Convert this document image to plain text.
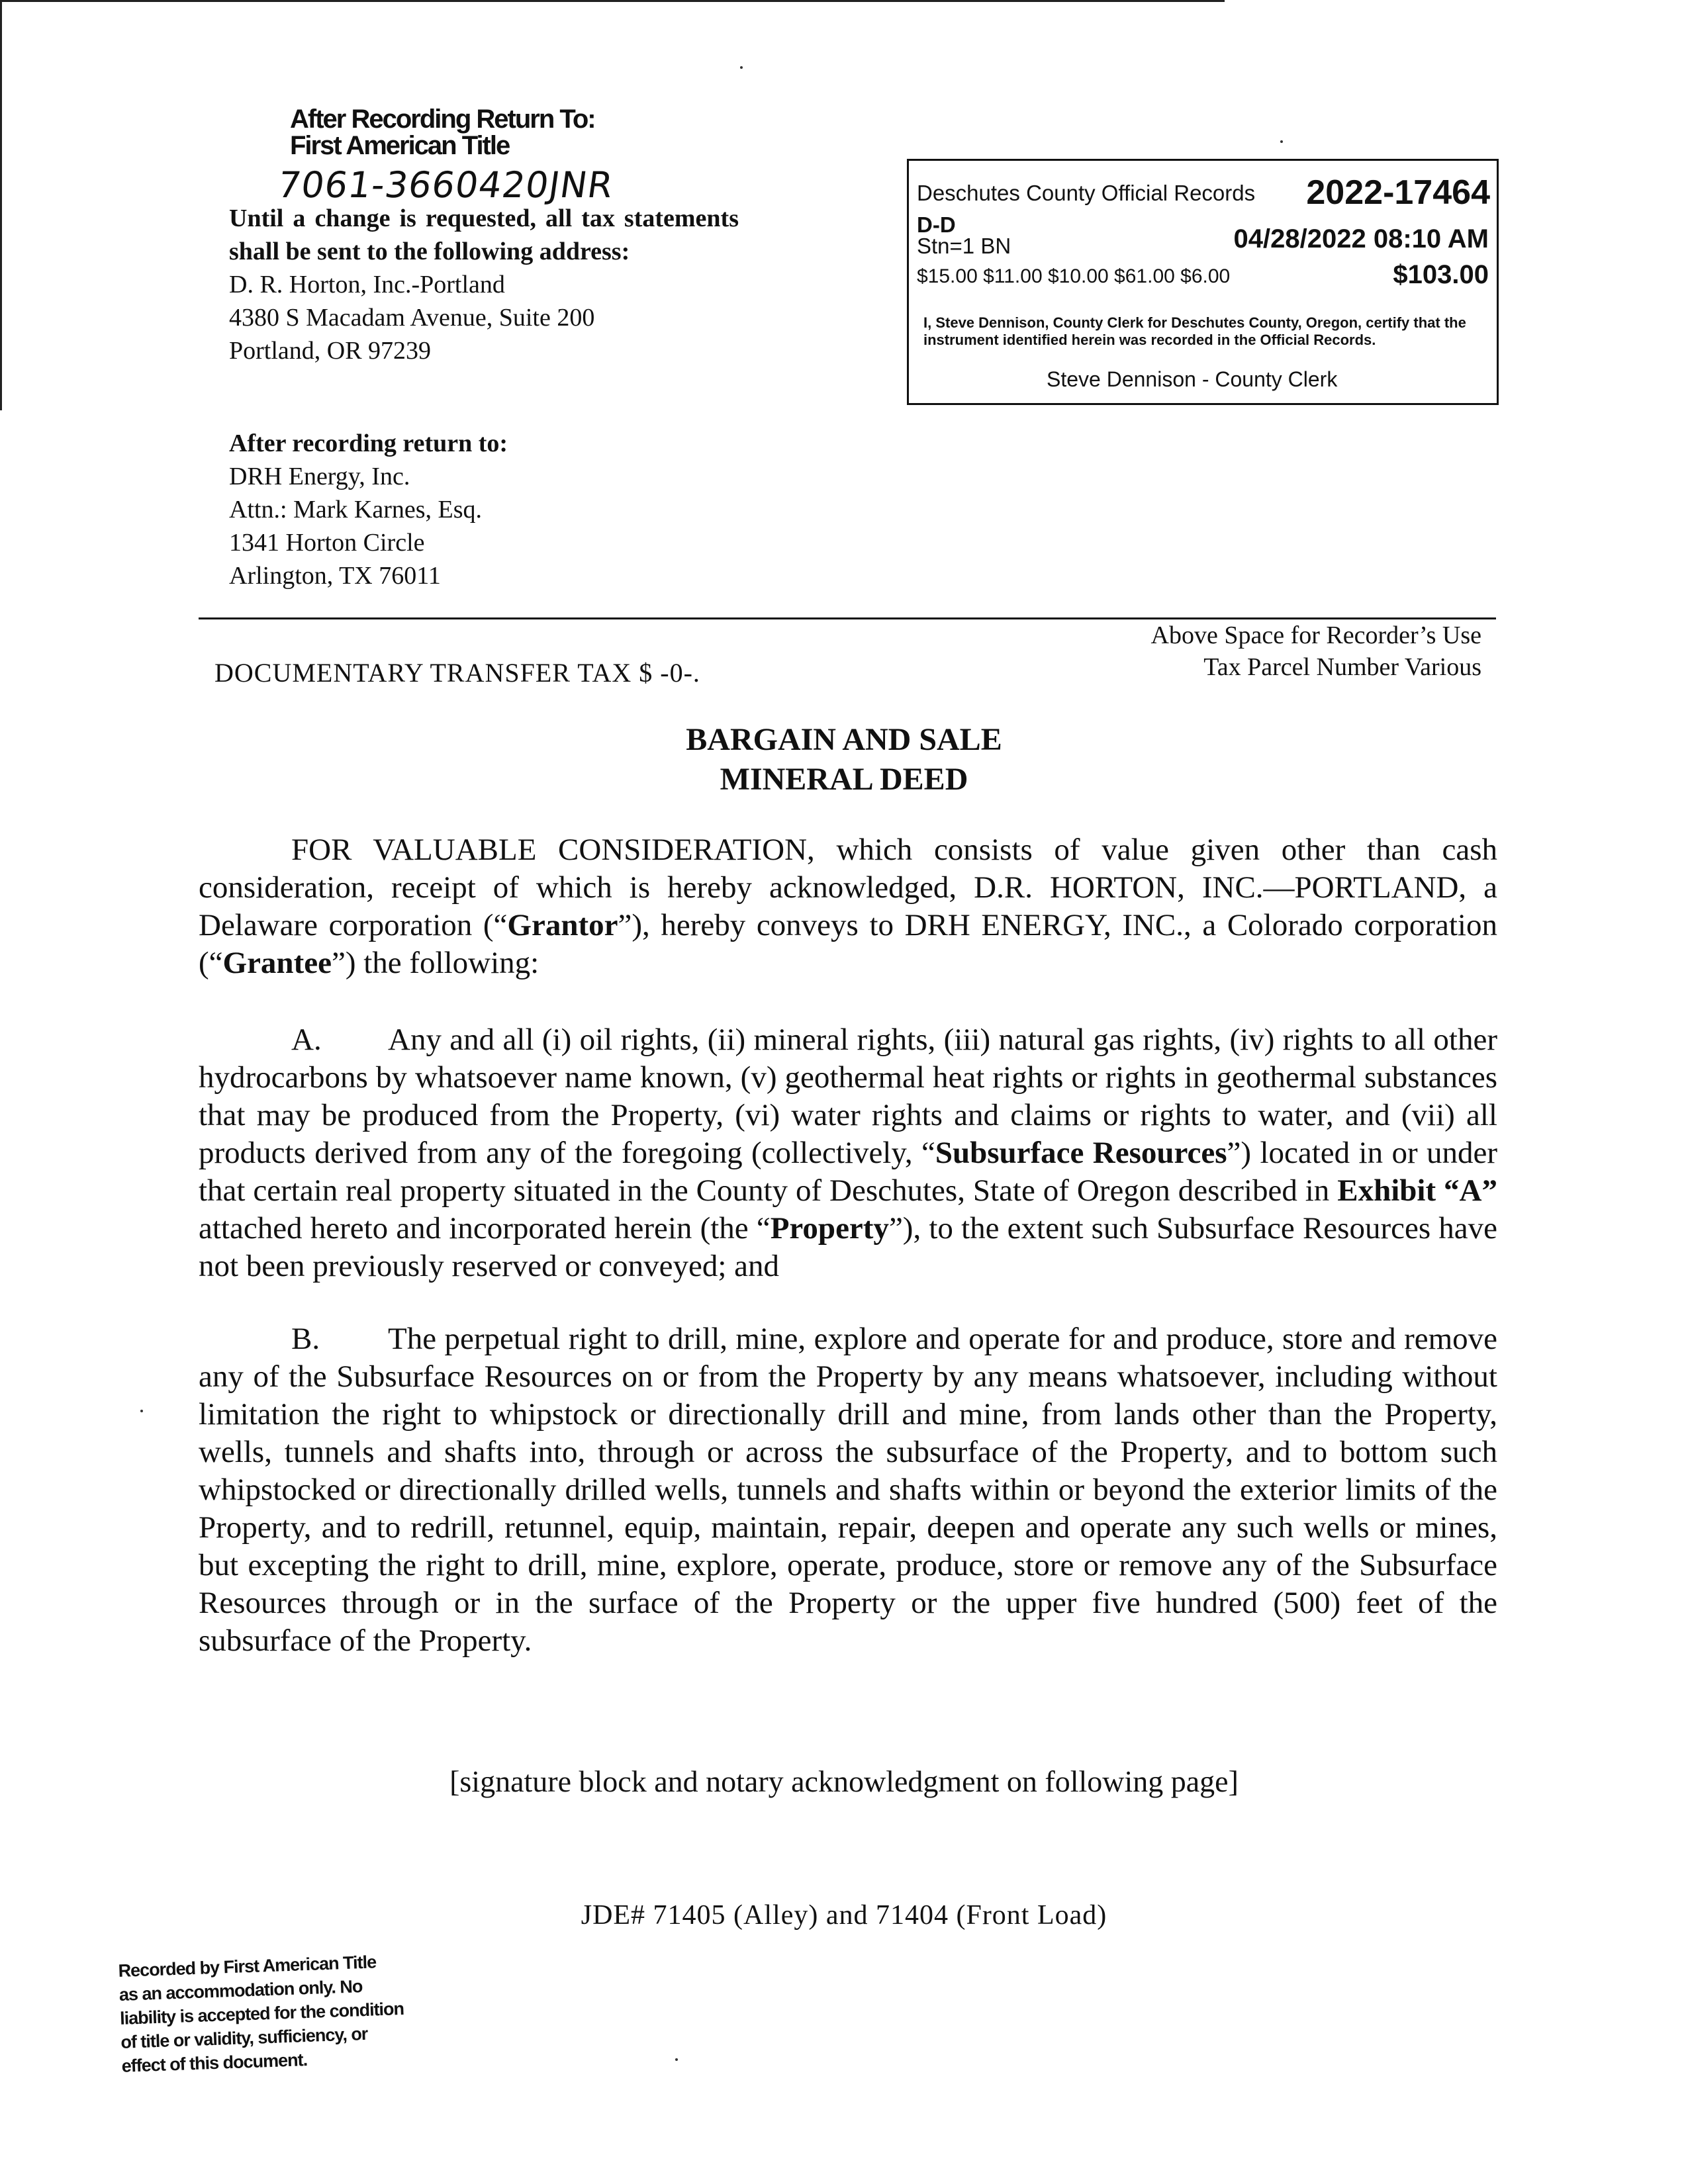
After Recording Return To:
First American Title
7061-3660420JNR
Until a change is requested, all tax statements shall be sent to the following address:
D. R. Horton, Inc.-Portland
4380 S Macadam Avenue, Suite 200
Portland, OR 97239
After recording return to:
DRH Energy, Inc.
Attn.: Mark Karnes, Esq.
1341 Horton Circle
Arlington, TX 76011
Deschutes County Official Records 2022-17464
D-D
Stn=1 BN	04/28/2022 08:10 AM
$15.00 $11.00 $10.00 $61.00 $6.00	$103.00
I, Steve Dennison, County Clerk for Deschutes County, Oregon, certify that the instrument identified herein was recorded in the Official Records.
Steve Dennison - County Clerk
Above Space for Recorder’s Use
Tax Parcel Number Various
DOCUMENTARY TRANSFER TAX $ -0-.
BARGAIN AND SALE
MINERAL DEED
FOR VALUABLE CONSIDERATION, which consists of value given other than cash consideration, receipt of which is hereby acknowledged, D.R. HORTON, INC.—PORTLAND, a Delaware corporation (“Grantor”), hereby conveys to DRH ENERGY, INC., a Colorado corporation (“Grantee”) the following:
A. Any and all (i) oil rights, (ii) mineral rights, (iii) natural gas rights, (iv) rights to all other hydrocarbons by whatsoever name known, (v) geothermal heat rights or rights in geothermal substances that may be produced from the Property, (vi) water rights and claims or rights to water, and (vii) all products derived from any of the foregoing (collectively, “Subsurface Resources”) located in or under that certain real property situated in the County of Deschutes, State of Oregon described in Exhibit “A” attached hereto and incorporated herein (the “Property”), to the extent such Subsurface Resources have not been previously reserved or conveyed; and
B. The perpetual right to drill, mine, explore and operate for and produce, store and remove any of the Subsurface Resources on or from the Property by any means whatsoever, including without limitation the right to whipstock or directionally drill and mine, from lands other than the Property, wells, tunnels and shafts into, through or across the subsurface of the Property, and to bottom such whipstocked or directionally drilled wells, tunnels and shafts within or beyond the exterior limits of the Property, and to redrill, retunnel, equip, maintain, repair, deepen and operate any such wells or mines, but excepting the right to drill, mine, explore, operate, produce, store or remove any of the Subsurface Resources through or in the surface of the Property or the upper five hundred (500) feet of the subsurface of the Property.
[signature block and notary acknowledgment on following page]
JDE# 71405 (Alley) and 71404 (Front Load)
Recorded by First American Title
as an accommodation only. No
liability is accepted for the condition
of title or validity, sufficiency, or
effect of this document.
